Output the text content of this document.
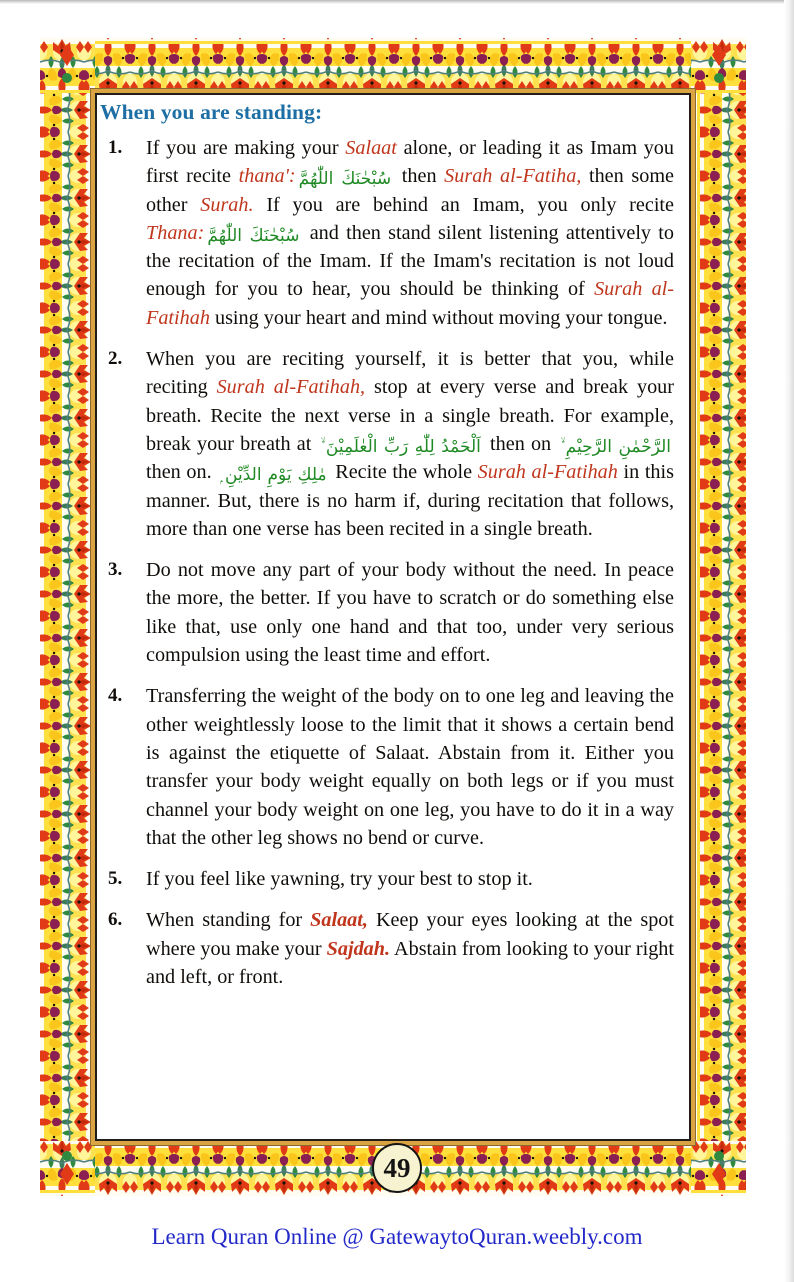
When you are standing:
1.	If you are making your Salaat alone, or leading it as Imam you first recite thana': سُبْحٰنَكَ اللّٰهُمَّ then Surah al-Fatiha, then some other Surah. If you are behind an Imam, you only recite Thana: سُبْحٰنَكَ اللّٰهُمَّ and then stand silent listening attentively to the recitation of the Imam. If the Imam's recitation is not loud enough for you to hear, you should be thinking of Surah al-Fatihah using your heart and mind without moving your tongue.
2.	When you are reciting yourself, it is better that you, while reciting Surah al-Fatihah, stop at every verse and break your breath. Recite the next verse in a single breath. For example, break your breath at اَلْحَمْدُ لِلّٰهِ رَبِّ الْعٰلَمِيْنَ ۙ then on الرَّحْمٰنِ الرَّحِيْمِ ۙ then on. مٰلِكِ يَوْمِ الدِّيْنِ ۭ Recite the whole Surah al-Fatihah in this manner. But, there is no harm if, during recitation that follows, more than one verse has been recited in a single breath.
3.	Do not move any part of your body without the need. In peace the more, the better. If you have to scratch or do something else like that, use only one hand and that too, under very serious compulsion using the least time and effort.
4.	Transferring the weight of the body on to one leg and leaving the other weightlessly loose to the limit that it shows a certain bend is against the etiquette of Salaat. Abstain from it. Either you transfer your body weight equally on both legs or if you must channel your body weight on one leg, you have to do it in a way that the other leg shows no bend or curve.
5.	If you feel like yawning, try your best to stop it.
6.	When standing for Salaat, Keep your eyes looking at the spot where you make your Sajdah. Abstain from looking to your right and left, or front.
49
Learn Quran Online @ GatewaytoQuran.weebly.com
